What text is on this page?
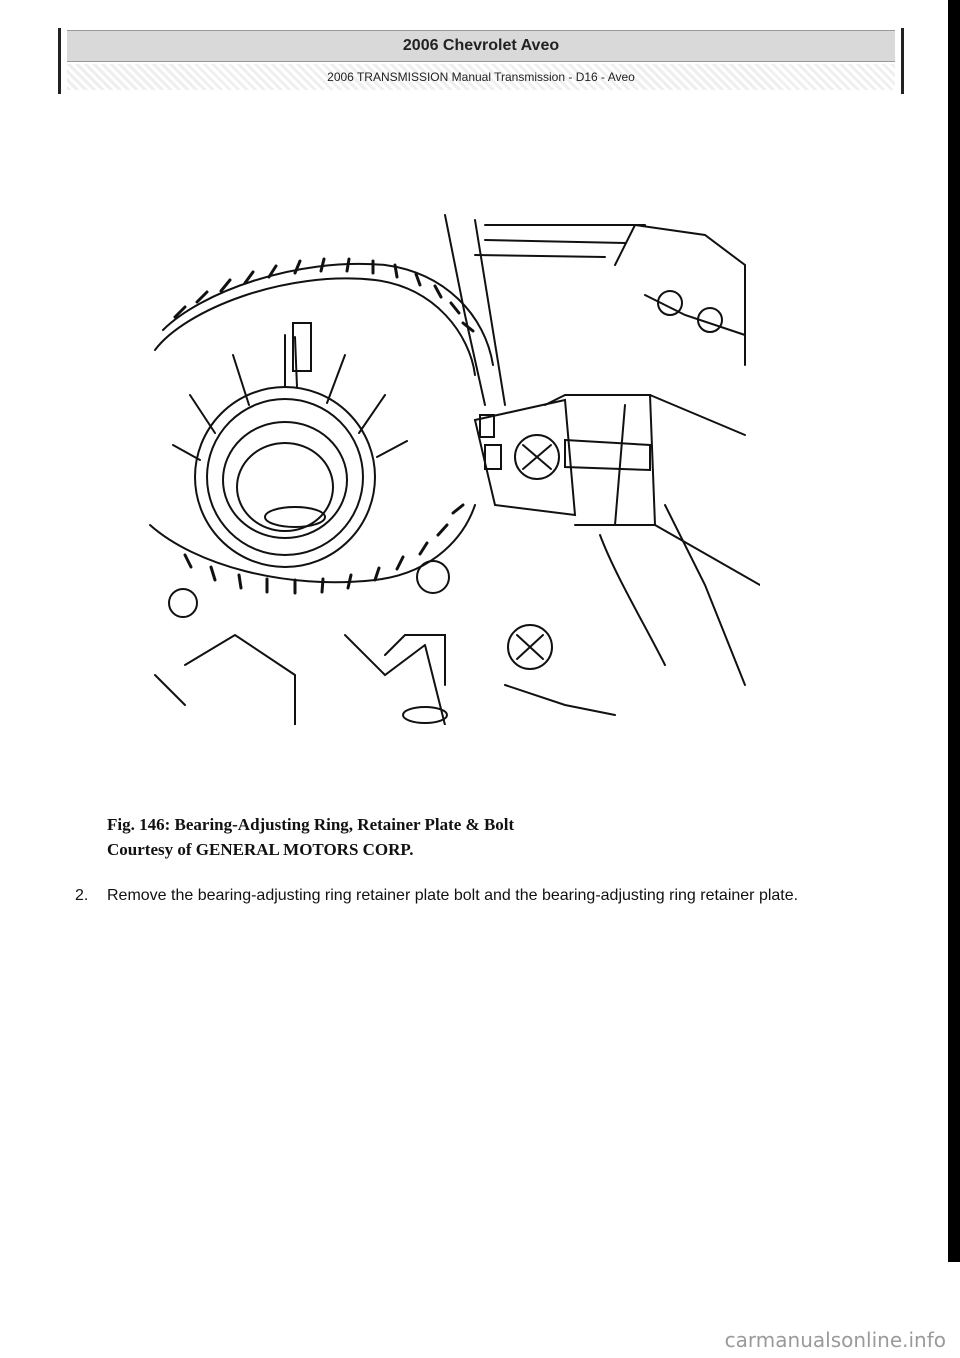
2006 Chevrolet Aveo
2006 TRANSMISSION Manual Transmission - D16 - Aveo
Fig. 146: Bearing-Adjusting Ring, Retainer Plate & Bolt
Courtesy of GENERAL MOTORS CORP.
2. Remove the bearing-adjusting ring retainer plate bolt and the bearing-adjusting ring retainer plate.
carmanualsonline.info
